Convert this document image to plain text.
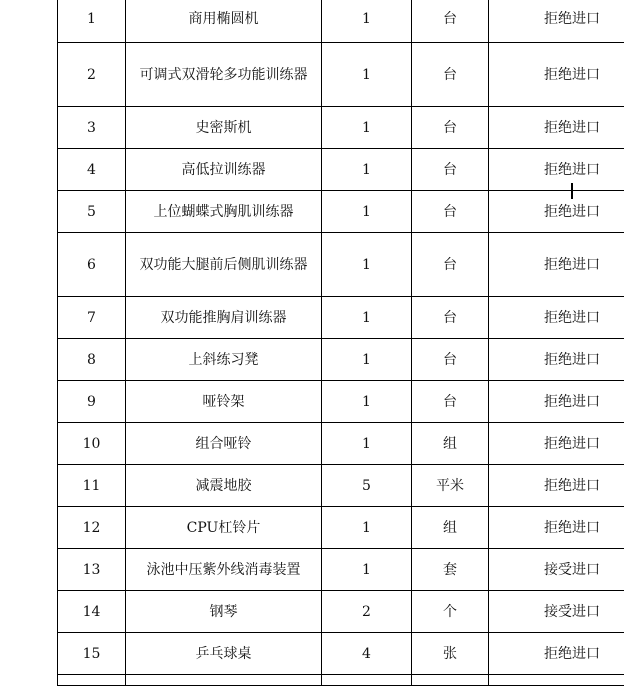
1	商用椭圆机	1	台	拒绝进口
2	可调式双滑轮多功能训练器	1	台	拒绝进口
3	史密斯机	1	台	拒绝进口
4	高低拉训练器	1	台	拒绝进口
5	上位蝴蝶式胸肌训练器	1	台	拒绝进口
6	双功能大腿前后侧肌训练器	1	台	拒绝进口
7	双功能推胸肩训练器	1	台	拒绝进口
8	上斜练习凳	1	台	拒绝进口
9	哑铃架	1	台	拒绝进口
10	组合哑铃	1	组	拒绝进口
11	减震地胶	5	平米	拒绝进口
12	CPU杠铃片	1	组	拒绝进口
13	泳池中压紫外线消毒装置	1	套	接受进口
14	钢琴	2	个	接受进口
15	乒乓球桌	4	张	拒绝进口
